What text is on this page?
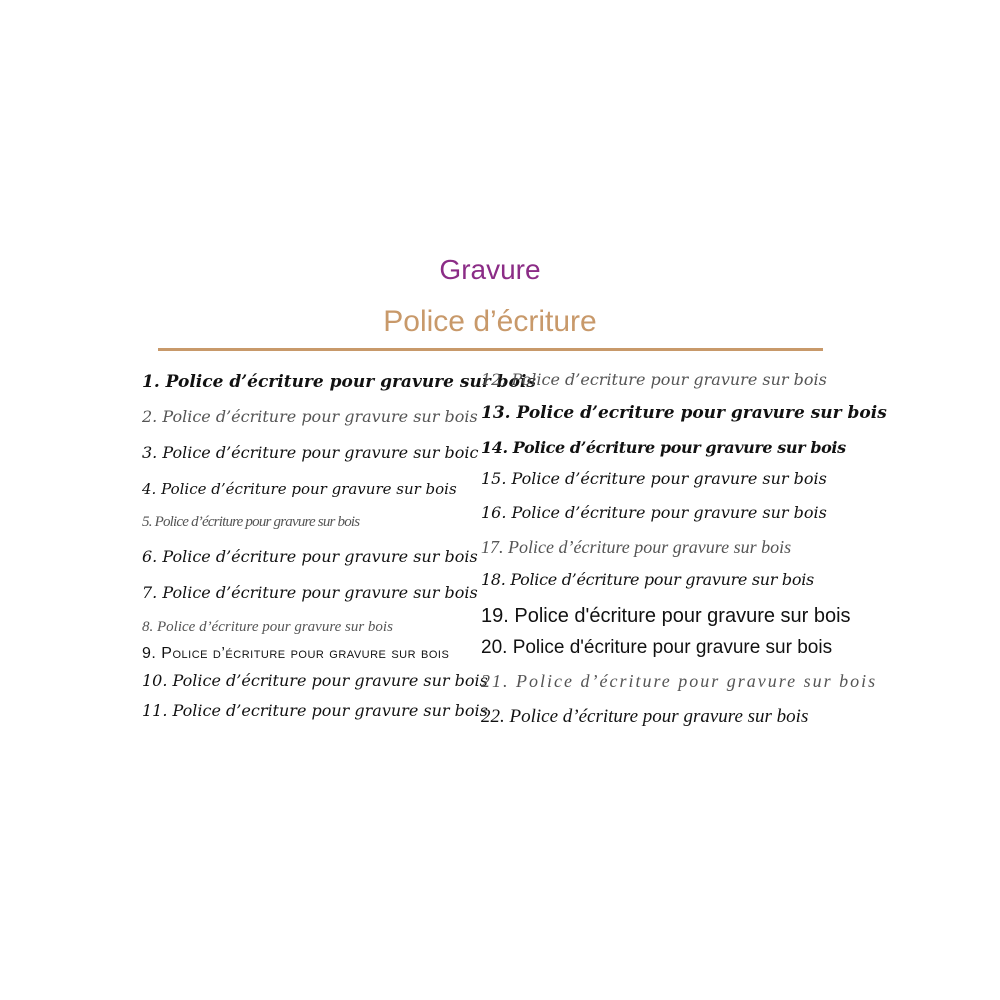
Gravure
Police d’écriture
1. Police d’écriture pour gravure sur bois
2. Police d’écriture pour gravure sur bois
3. Police d’écriture pour gravure sur boic
4. Police d’écriture pour gravure sur bois
5. Police d’écriture pour gravure sur bois
6. Police d’écriture pour gravure sur bois
7. Police d’écriture pour gravure sur bois
8. Police d’écriture pour gravure sur bois
9. Police d’écriture pour gravure sur bois
10. Police d’écriture pour gravure sur bois
11. Police d’ecriture pour gravure sur bois
12. Police d’ecriture pour gravure sur bois
13. Police d’ecriture pour gravure sur bois
14. Police d’écriture pour gravure sur bois
15. Police d’écriture pour gravure sur bois
16. Police d’écriture pour gravure sur bois
17. Police d’écriture pour gravure sur bois
18. Police d’écriture pour gravure sur bois
19. Police d'écriture pour gravure sur bois
20. Police d'écriture pour gravure sur bois
21. Police d’écriture pour gravure sur bois
22. Police d’écriture pour gravure sur bois
